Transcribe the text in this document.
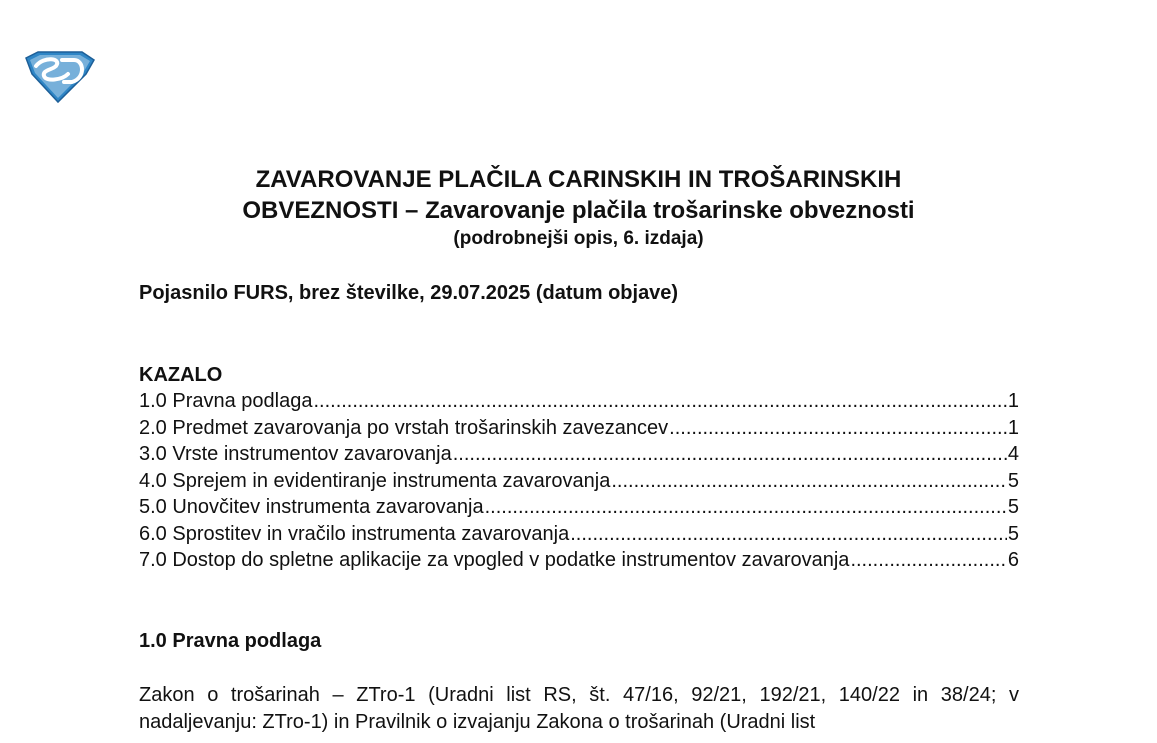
ZAVAROVANJE PLAČILA CARINSKIH IN TROŠARINSKIH
OBVEZNOSTI – Zavarovanje plačila trošarinske obveznosti
(podrobnejši opis, 6. izdaja)
Pojasnilo FURS, brez številke, 29.07.2025 (datum objave)
KAZALO
1.0 Pravna podlaga .....	1
2.0 Predmet zavarovanja po vrstah trošarinskih zavezancev .....	1
3.0 Vrste instrumentov zavarovanja .....	4
4.0 Sprejem in evidentiranje instrumenta zavarovanja .....	5
5.0 Unovčitev instrumenta zavarovanja .....	5
6.0 Sprostitev in vračilo instrumenta zavarovanja .....	5
7.0 Dostop do spletne aplikacije za vpogled v podatke instrumentov zavarovanja .....	6
1.0 Pravna podlaga
Zakon o trošarinah – ZTro-1 (Uradni list RS, št. 47/16, 92/21, 192/21, 140/22 in 38/24; v nadaljevanju: ZTro-1) in Pravilnik o izvajanju Zakona o trošarinah (Uradni list
